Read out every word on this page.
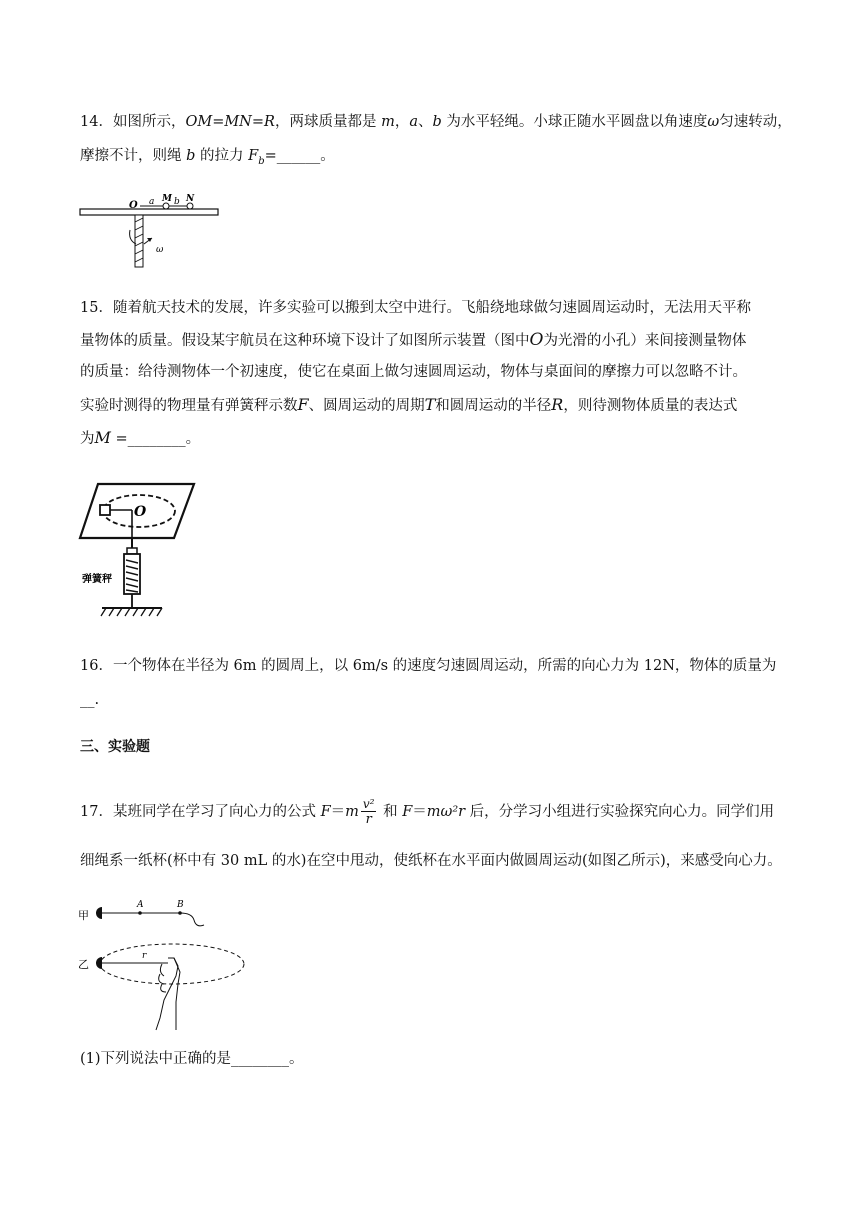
14．如图所示，OM=MN=R，两球质量都是 m，a、b 为水平轻绳。小球正随水平圆盘以角速度ω匀速转动，
摩擦不计，则绳 b 的拉力 $F_b=\_\_\_\_\_\_$。
O a M b N
ω
15．随着航天技术的发展，许多实验可以搬到太空中进行。飞船绕地球做匀速圆周运动时，无法用天平称
量物体的质量。假设某宇航员在这种环境下设计了如图所示装置（图中O为光滑的小孔）来间接测量物体
的质量：给待测物体一个初速度，使它在桌面上做匀速圆周运动，物体与桌面间的摩擦力可以忽略不计。
实验时测得的物理量有弹簧秤示数F、圆周运动的周期T和圆周运动的半径R，则待测物体质量的表达式
为M =________。
O
弹簧秤
16．一个物体在半径为 6m 的圆周上，以 6m/s 的速度匀速圆周运动，所需的向心力为 12N，物体的质量为
__.
三、实验题
17．某班同学在学习了向心力的公式 $F=m \frac{\text{v²}}{r}$ 和 F＝mω²r 后，分学习小组进行实验探究向心力。同学们用
细绳系一纸杯(杯中有 30 mL 的水)在空中甩动，使纸杯在水平面内做圆周运动(如图乙所示)，来感受向心力。
甲
A	B
乙
r
(1)下列说法中正确的是________。
